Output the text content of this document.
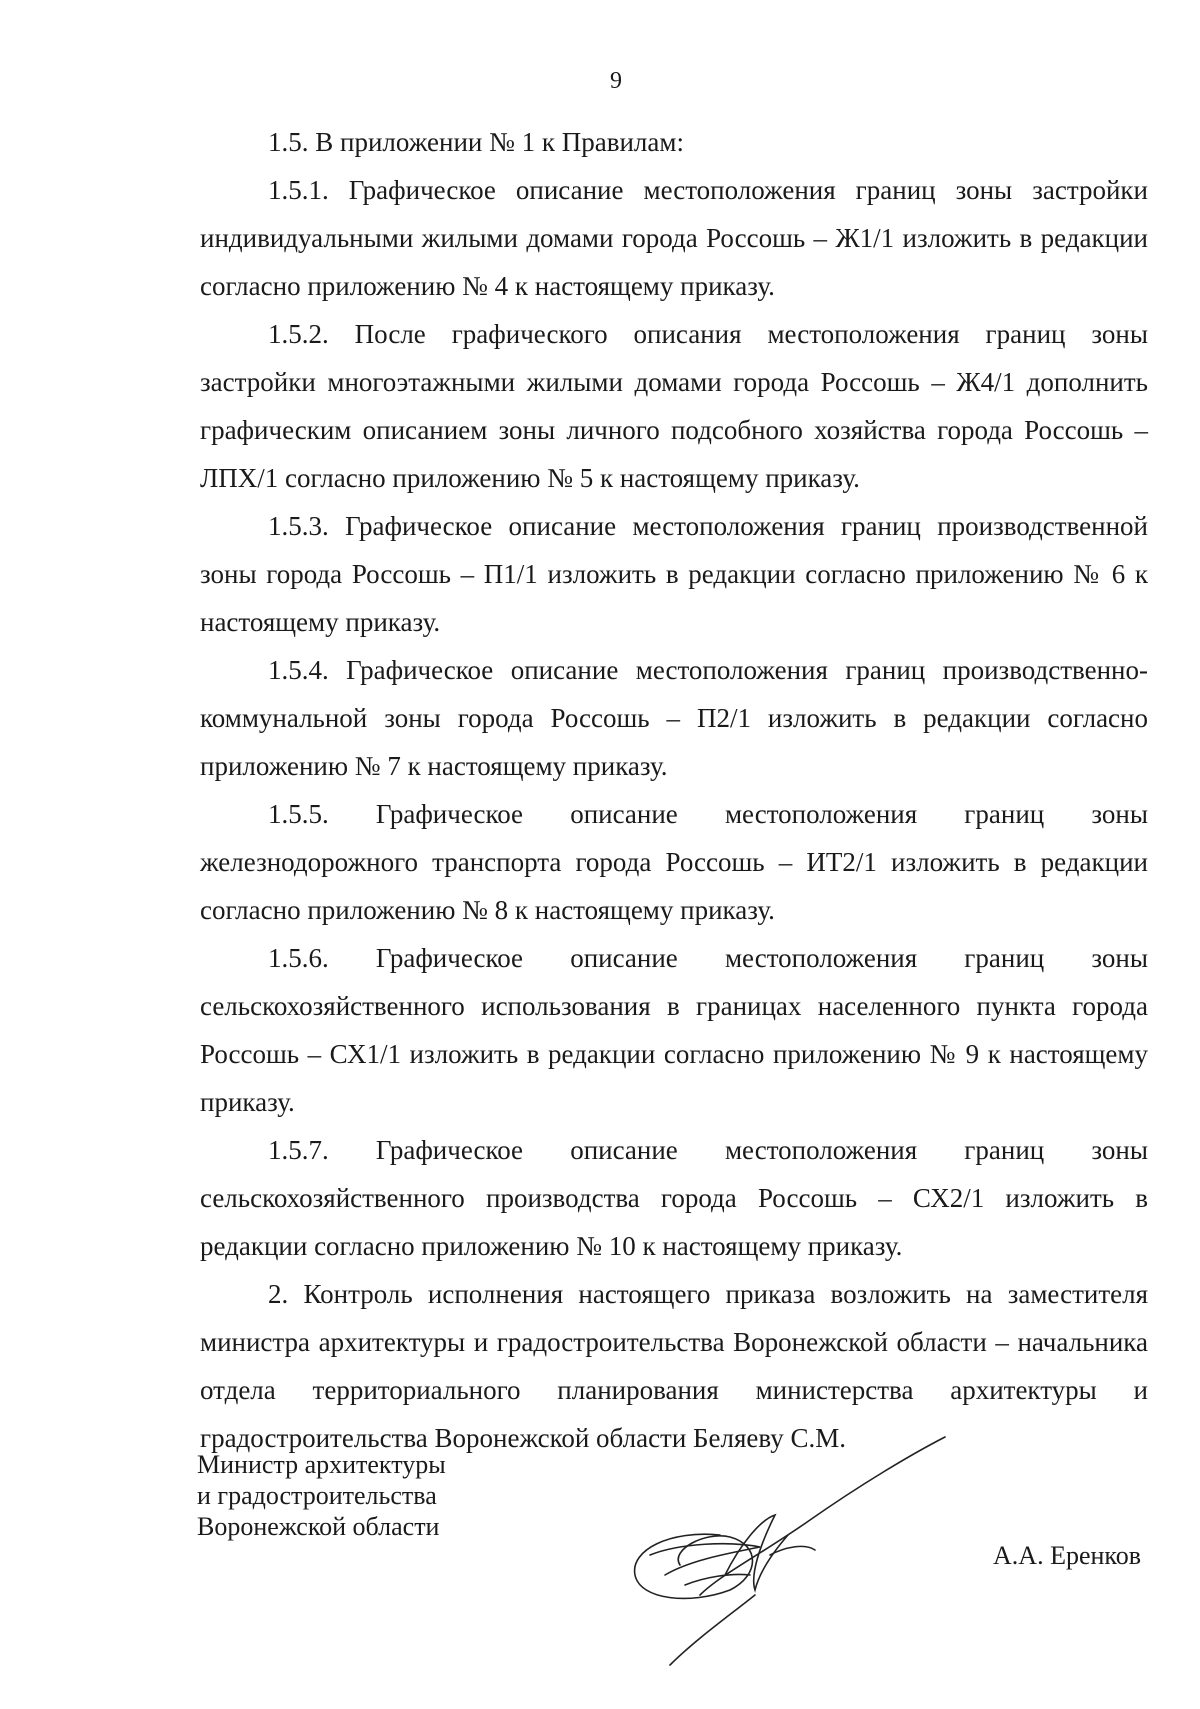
9

1.5. В приложении № 1 к Правилам:

1.5.1. Графическое описание местоположения границ зоны застройки индивидуальными жилыми домами города Россошь – Ж1/1 изложить в редакции согласно приложению № 4 к настоящему приказу.

1.5.2. После графического описания местоположения границ зоны застройки многоэтажными жилыми домами города Россошь – Ж4/1 дополнить графическим описанием зоны личного подсобного хозяйства города Россошь – ЛПХ/1 согласно приложению № 5 к настоящему приказу.

1.5.3. Графическое описание местоположения границ производственной зоны города Россошь – П1/1 изложить в редакции согласно приложению № 6 к настоящему приказу.

1.5.4. Графическое описание местоположения границ производственно-коммунальной зоны города Россошь – П2/1 изложить в редакции согласно приложению № 7 к настоящему приказу.

1.5.5. Графическое описание местоположения границ зоны железнодорожного транспорта города Россошь – ИТ2/1 изложить в редакции согласно приложению № 8 к настоящему приказу.

1.5.6. Графическое описание местоположения границ зоны сельскохозяйственного использования в границах населенного пункта города Россошь – СХ1/1 изложить в редакции согласно приложению № 9 к настоящему приказу.

1.5.7. Графическое описание местоположения границ зоны сельскохозяйственного производства города Россошь – СХ2/1 изложить в редакции согласно приложению № 10 к настоящему приказу.

2. Контроль исполнения настоящего приказа возложить на заместителя министра архитектуры и градостроительства Воронежской области – начальника отдела территориального планирования министерства архитектуры и градостроительства Воронежской области Беляеву С.М.

Министр архитектуры
и градостроительства
Воронежской области
А.А. Еренков
